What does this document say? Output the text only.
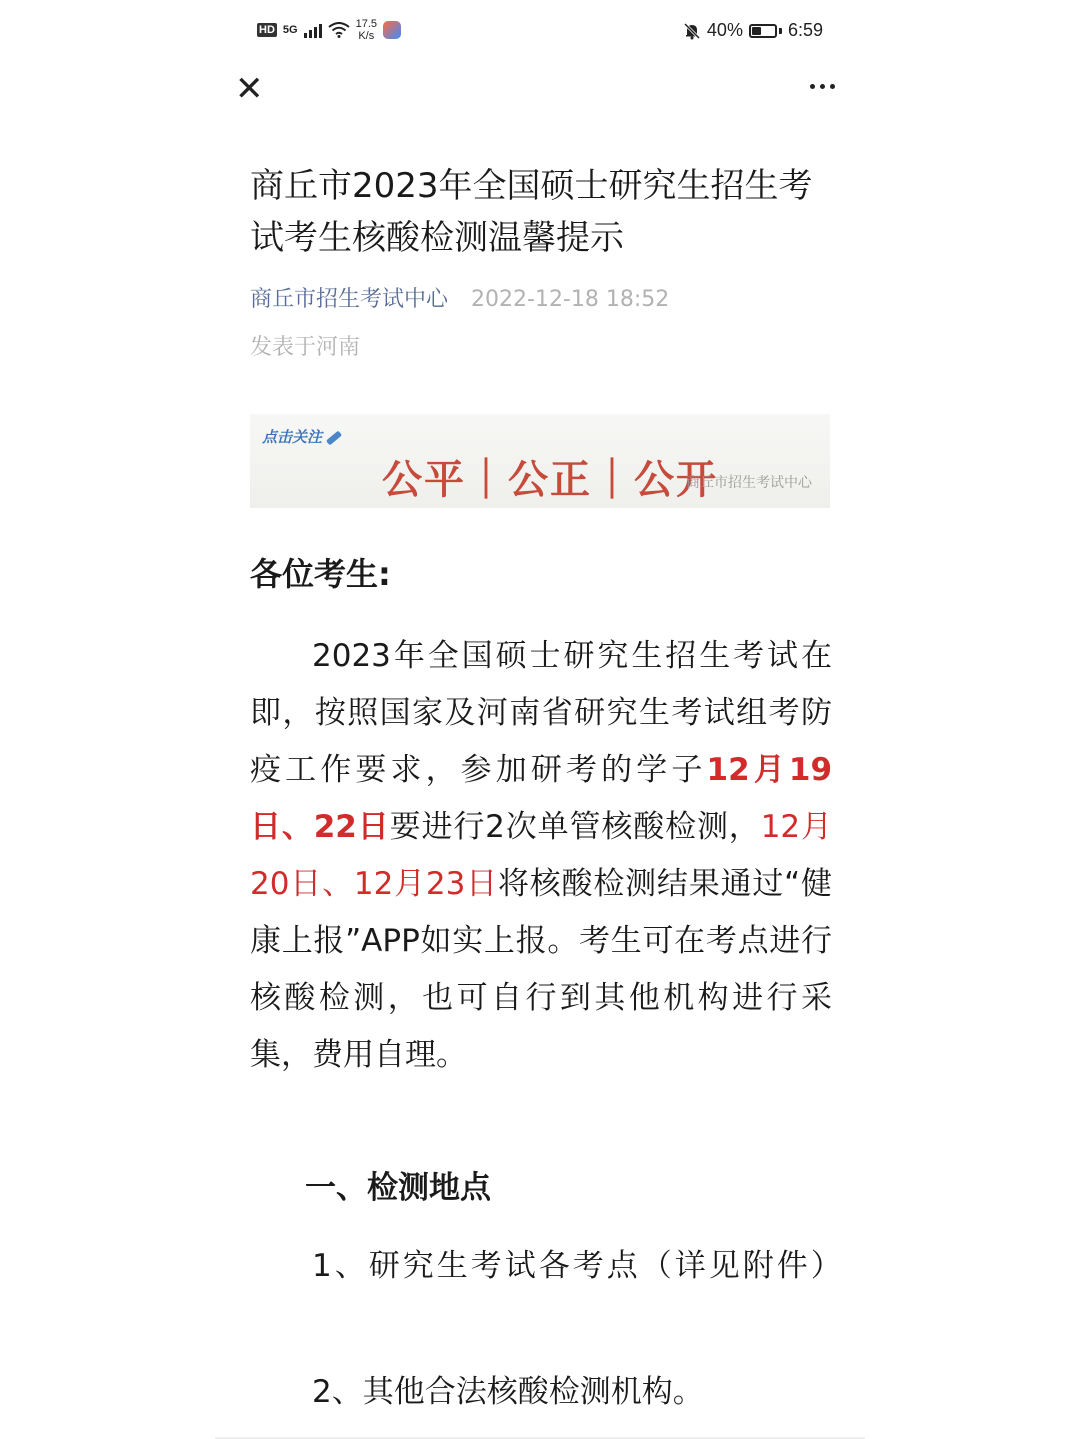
HD 5G	17.5
K/s	40%	6:59
✕
商丘市2023年全国硕士研究生招生考试考生核酸检测温馨提示
商丘市招生考试中心 2022-12-18 18:52
发表于河南
点击关注
公平｜公正｜公开
商丘市招生考试中心
各位考生:

2023年全国硕士研究生招生考试在即，按照国家及河南省研究生考试组考防疫工作要求，参加研考的学子12月19日、22日要进行2次单管核酸检测，12月20日、12月23日将核酸检测结果通过“健康上报”APP如实上报。考生可在考点进行核酸检测，也可自行到其他机构进行采集，费用自理。

一、检测地点

1、研究生考试各考点（详见附件）

2、其他合法核酸检测机构。
